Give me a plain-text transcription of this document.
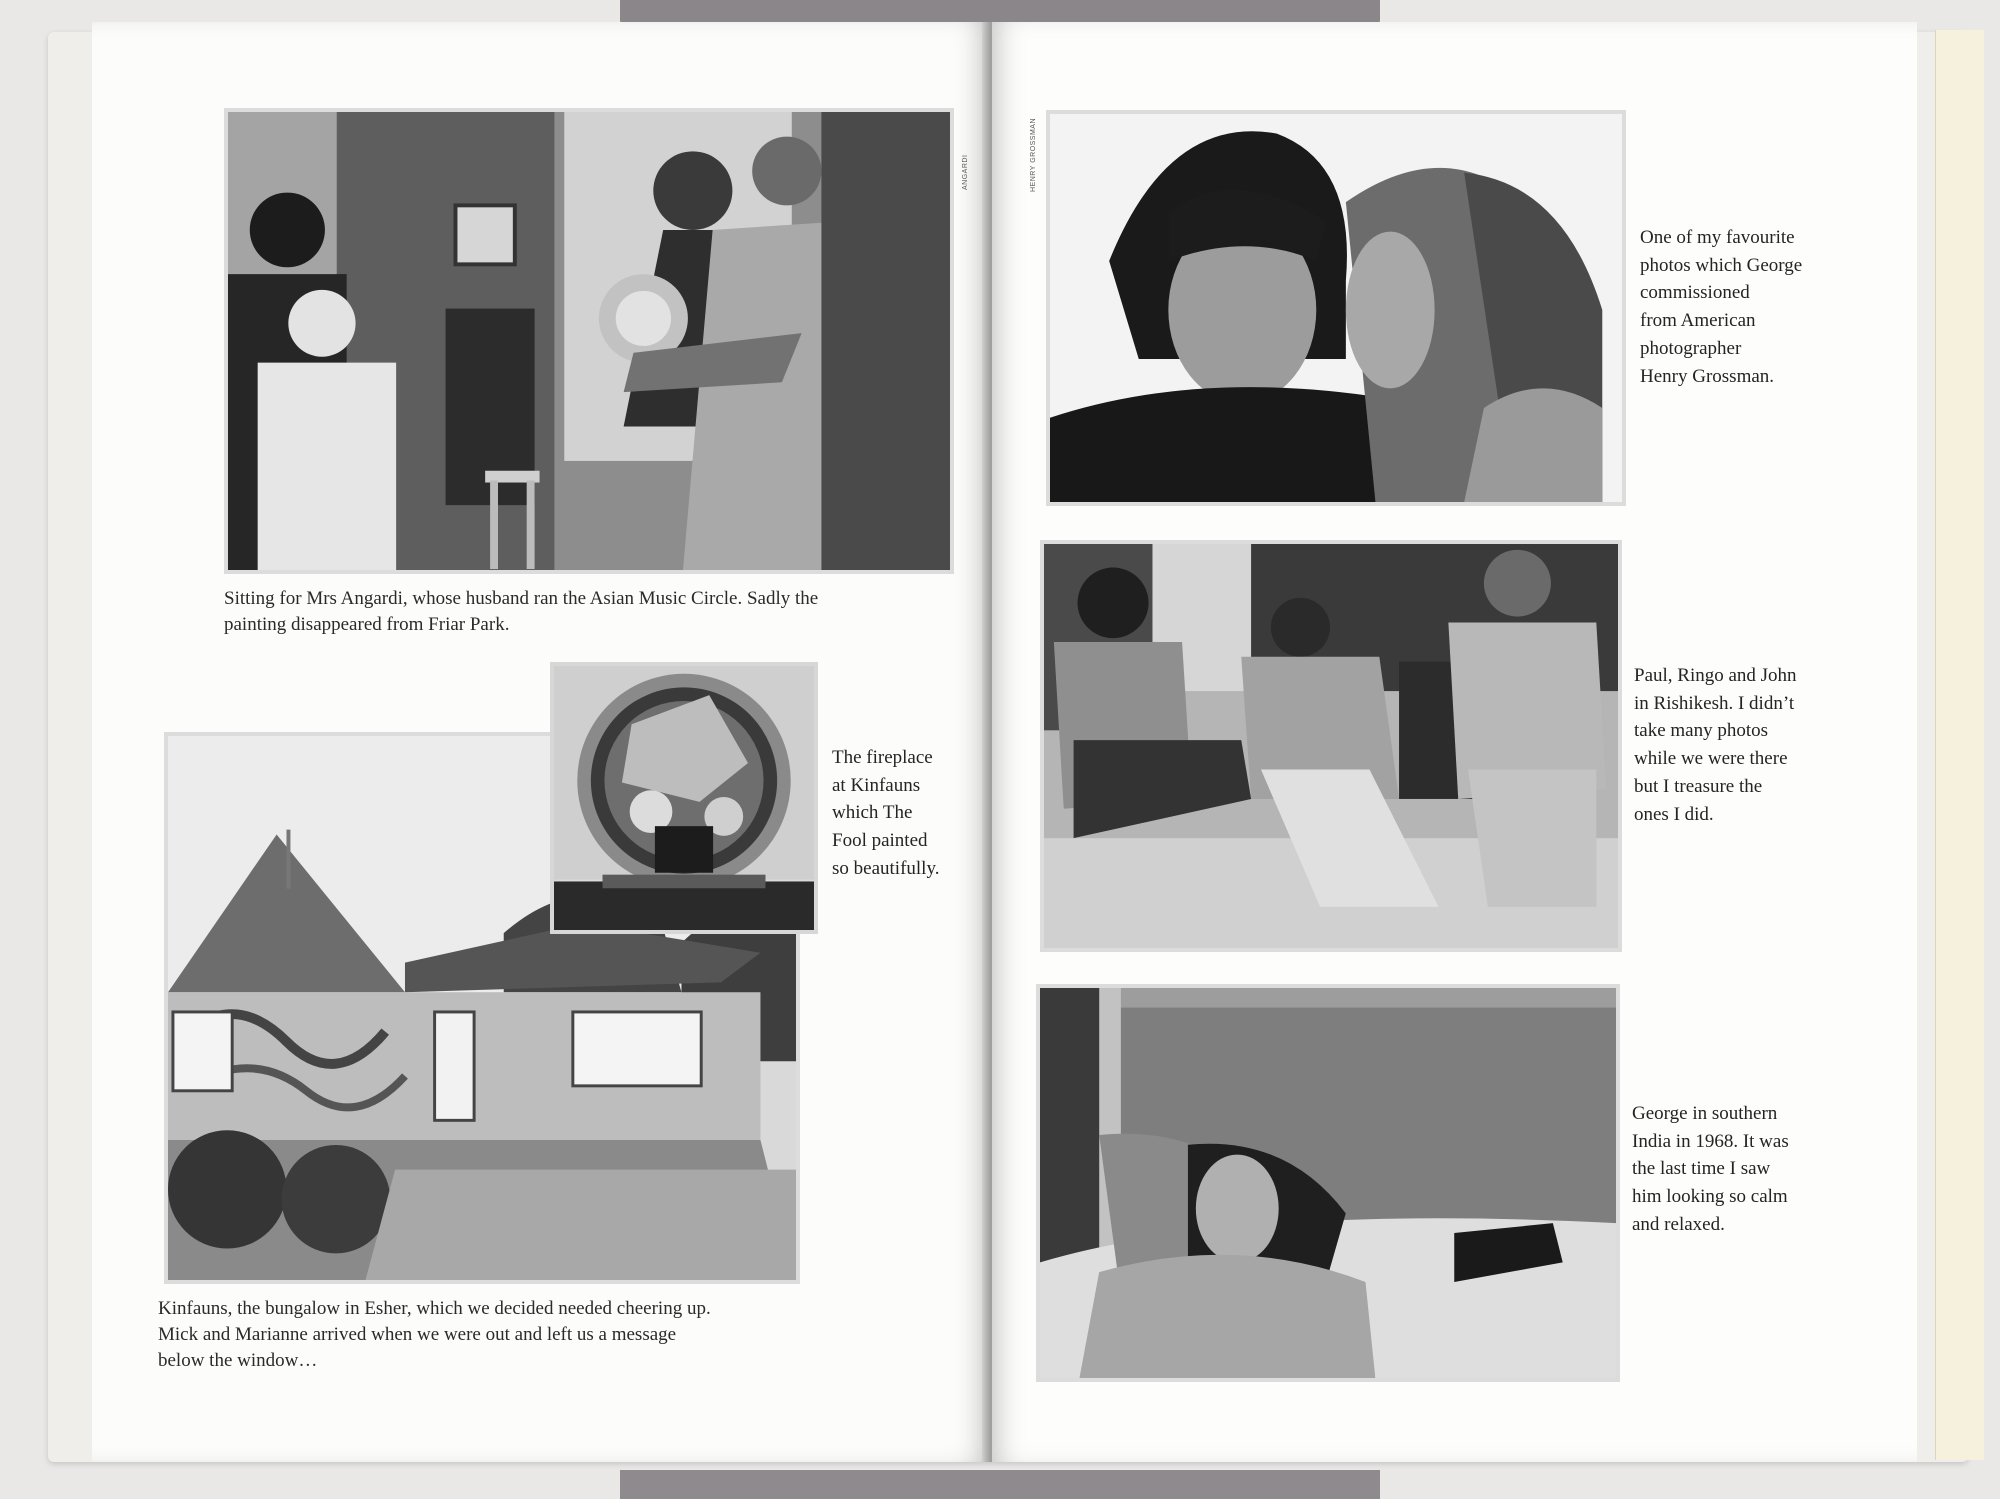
ANGARDI
Sitting for Mrs Angardi, whose husband ran the Asian Music Circle. Sadly the
painting disappeared from Friar Park.
The fireplace
at Kinfauns
which The
Fool painted
so beautifully.
Kinfauns, the bungalow in Esher, which we decided needed cheering up.
Mick and Marianne arrived when we were out and left us a message
below the window…
HENRY GROSSMAN
One of my favourite
photos which George
commissioned
from American
photographer
Henry Grossman.
Paul, Ringo and John
in Rishikesh. I didn’t
take many photos
while we were there
but I treasure the
ones I did.
George in southern
India in 1968. It was
the last time I saw
him looking so calm
and relaxed.
